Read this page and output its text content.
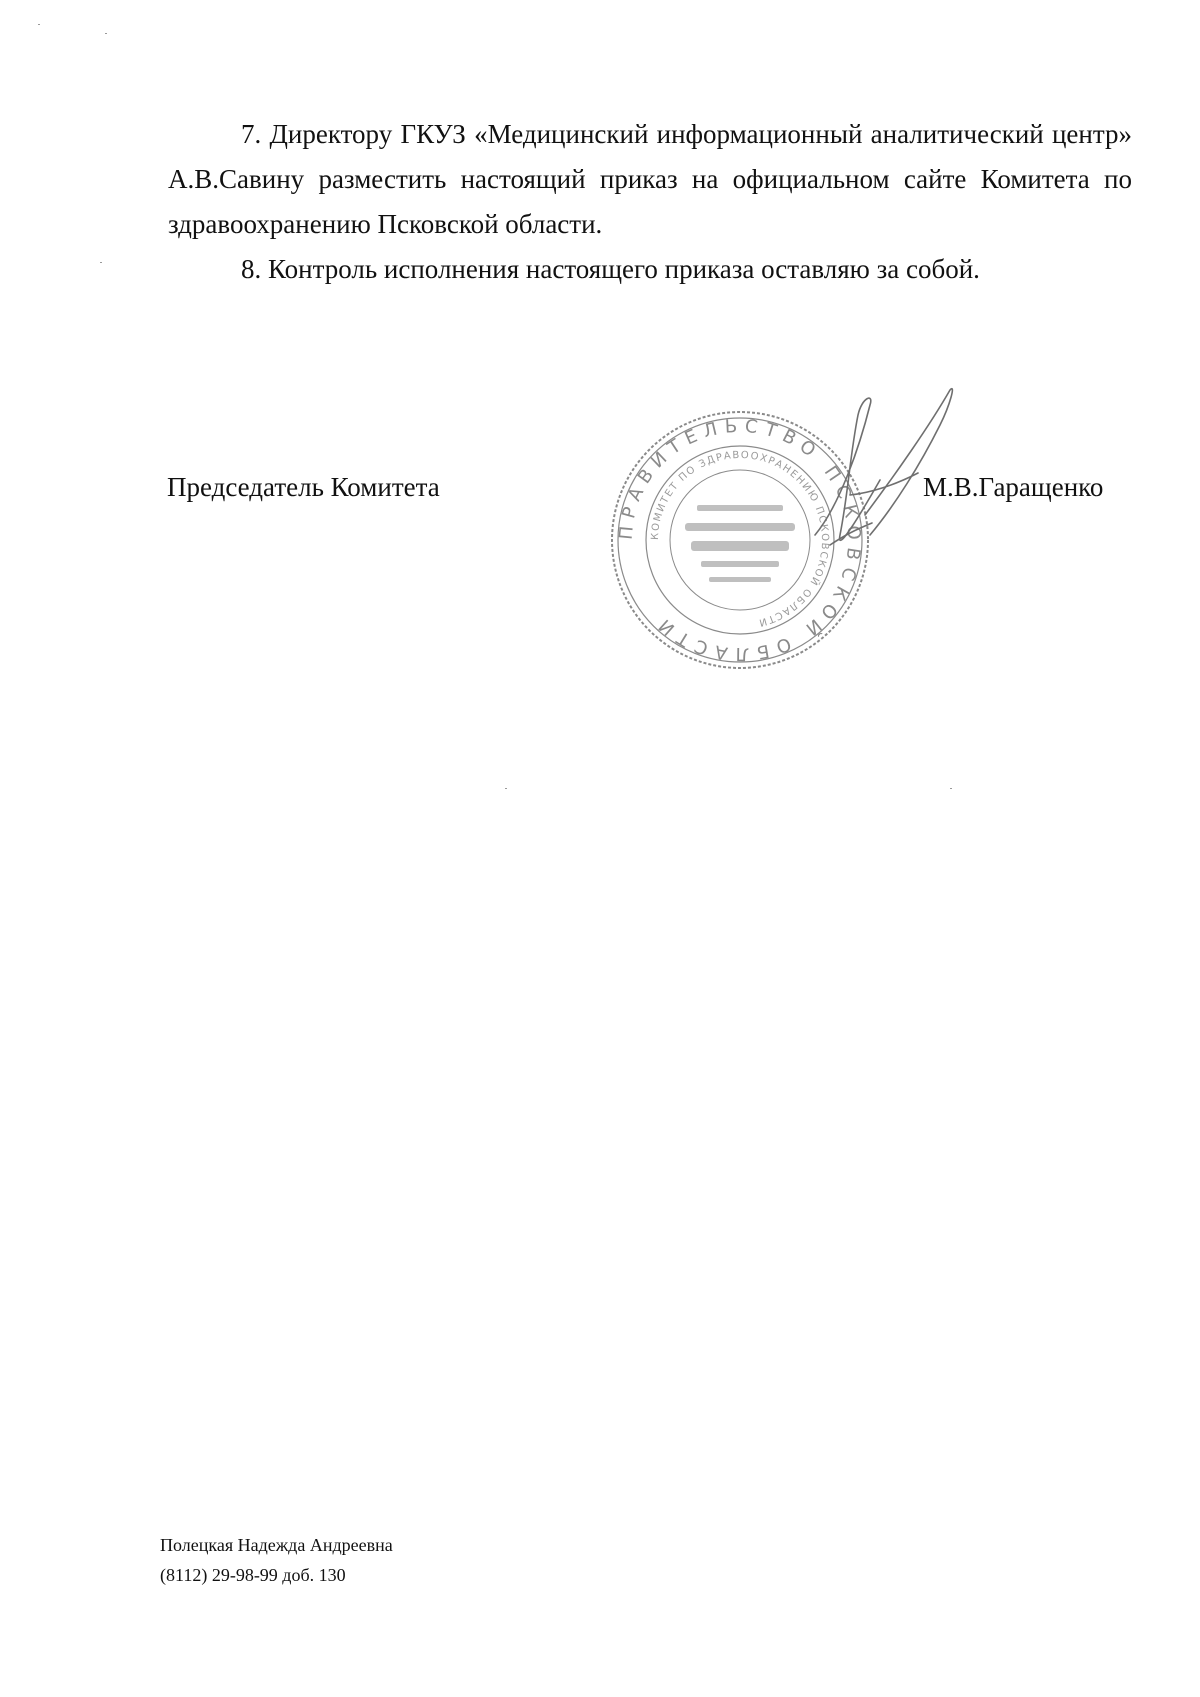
7. Директору ГКУЗ «Медицинский информационный аналитический центр» А.В.Савину разместить настоящий приказ на официальном сайте Комитета по здравоохранению Псковской области.

8. Контроль исполнения настоящего приказа оставляю за собой.

Председатель Комитета
ПРАВИТЕЛЬСТВО ПСКОВСКОЙ ОБЛАСТИ
КОМИТЕТ ПО ЗДРАВООХРАНЕНИЮ ПСКОВСКОЙ ОБЛАСТИ
М.В.Гаращенко
Полецкая Надежда Андреевна
(8112) 29-98-99 доб. 130
